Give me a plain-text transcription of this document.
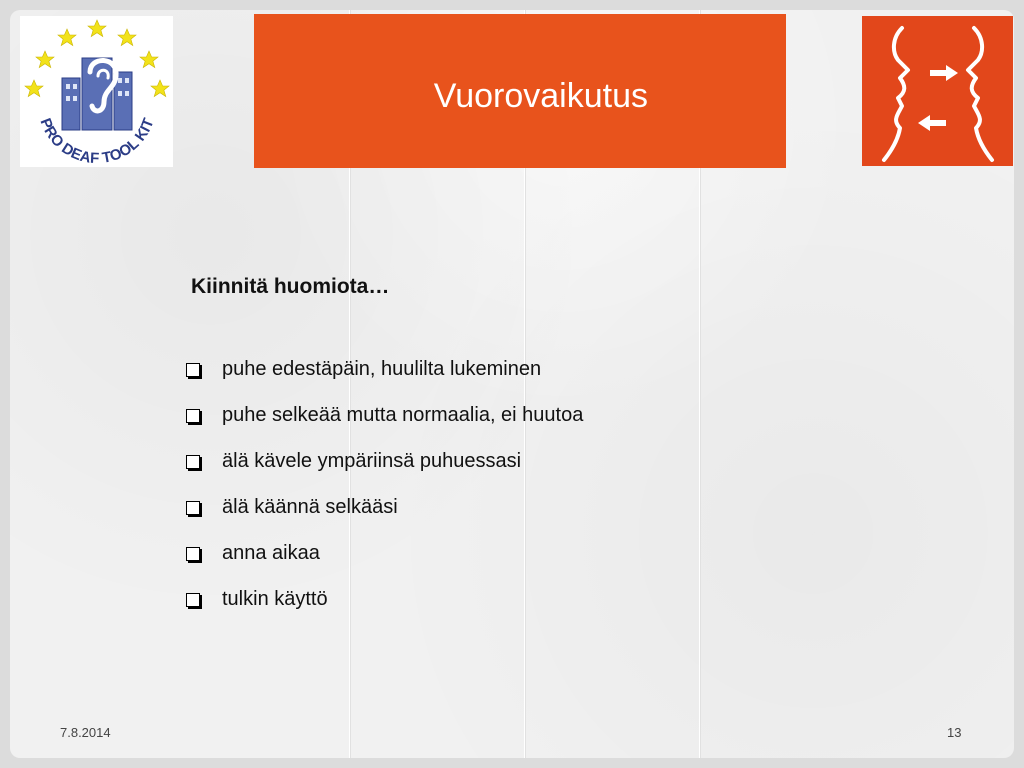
PRO DEAF TOOL KIT
Vuorovaikutus
Kiinnitä huomiota…
puhe edestäpäin, huulilta lukeminen
puhe selkeää mutta normaalia, ei huutoa
älä kävele ympäriinsä puhuessasi
älä käännä selkääsi
anna aikaa
tulkin käyttö
7.8.2014	13
